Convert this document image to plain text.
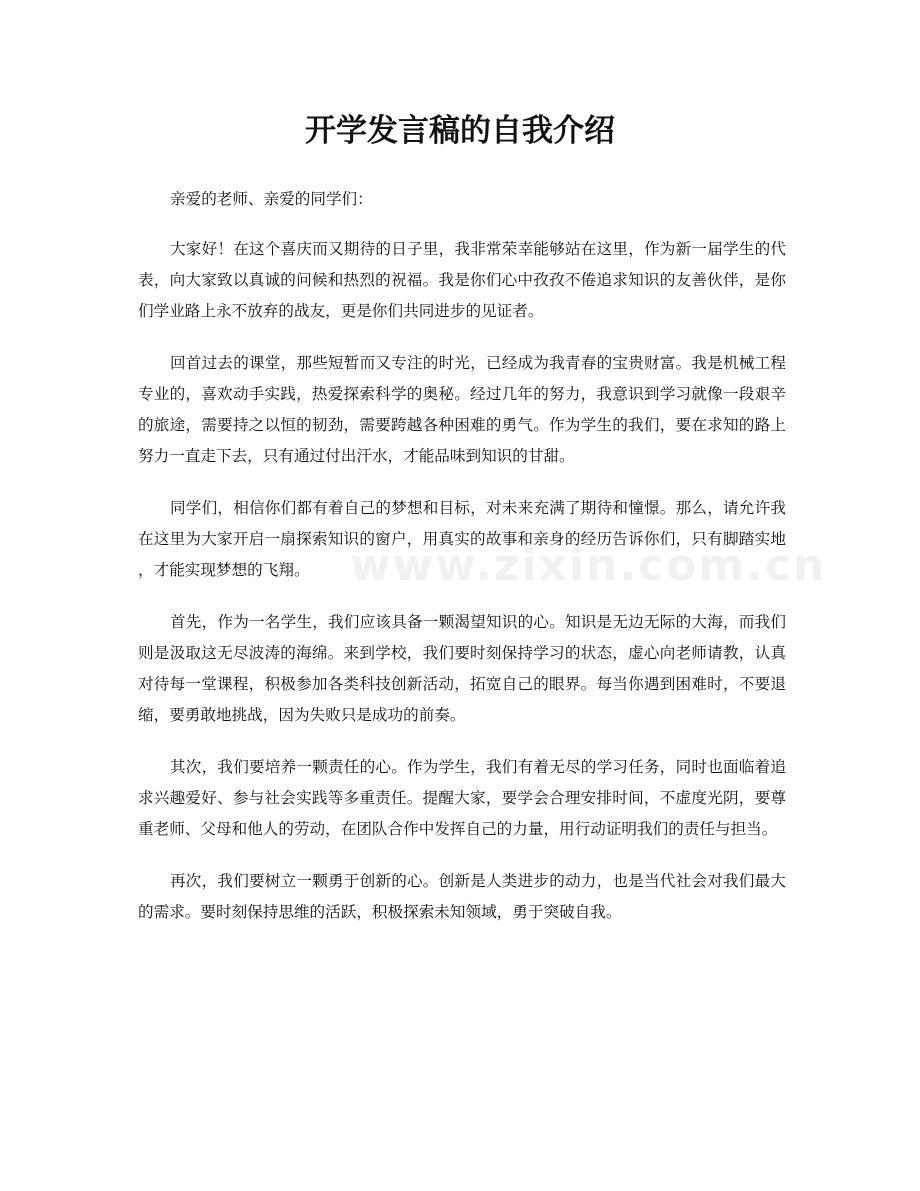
开学发言稿的自我介绍
www.zixin.com.cn

亲爱的老师、亲爱的同学们：

大家好！在这个喜庆而又期待的日子里，我非常荣幸能够站在这里，作为新一届学生的代表，向大家致以真诚的问候和热烈的祝福。我是你们心中孜孜不倦追求知识的友善伙伴，是你们学业路上永不放弃的战友，更是你们共同进步的见证者。

回首过去的课堂，那些短暂而又专注的时光，已经成为我青春的宝贵财富。我是机械工程专业的，喜欢动手实践，热爱探索科学的奥秘。经过几年的努力，我意识到学习就像一段艰辛的旅途，需要持之以恒的韧劲，需要跨越各种困难的勇气。作为学生的我们，要在求知的路上努力一直走下去，只有通过付出汗水，才能品味到知识的甘甜。

同学们，相信你们都有着自己的梦想和目标，对未来充满了期待和憧憬。那么，请允许我在这里为大家开启一扇探索知识的窗户，用真实的故事和亲身的经历告诉你们，只有脚踏实地，才能实现梦想的飞翔。

首先，作为一名学生，我们应该具备一颗渴望知识的心。知识是无边无际的大海，而我们则是汲取这无尽波涛的海绵。来到学校，我们要时刻保持学习的状态，虚心向老师请教，认真对待每一堂课程，积极参加各类科技创新活动，拓宽自己的眼界。每当你遇到困难时，不要退缩，要勇敢地挑战，因为失败只是成功的前奏。

其次，我们要培养一颗责任的心。作为学生，我们有着无尽的学习任务，同时也面临着追求兴趣爱好、参与社会实践等多重责任。提醒大家，要学会合理安排时间，不虚度光阴，要尊重老师、父母和他人的劳动，在团队合作中发挥自己的力量，用行动证明我们的责任与担当。

再次，我们要树立一颗勇于创新的心。创新是人类进步的动力，也是当代社会对我们最大的需求。要时刻保持思维的活跃，积极探索未知领域，勇于突破自我。
